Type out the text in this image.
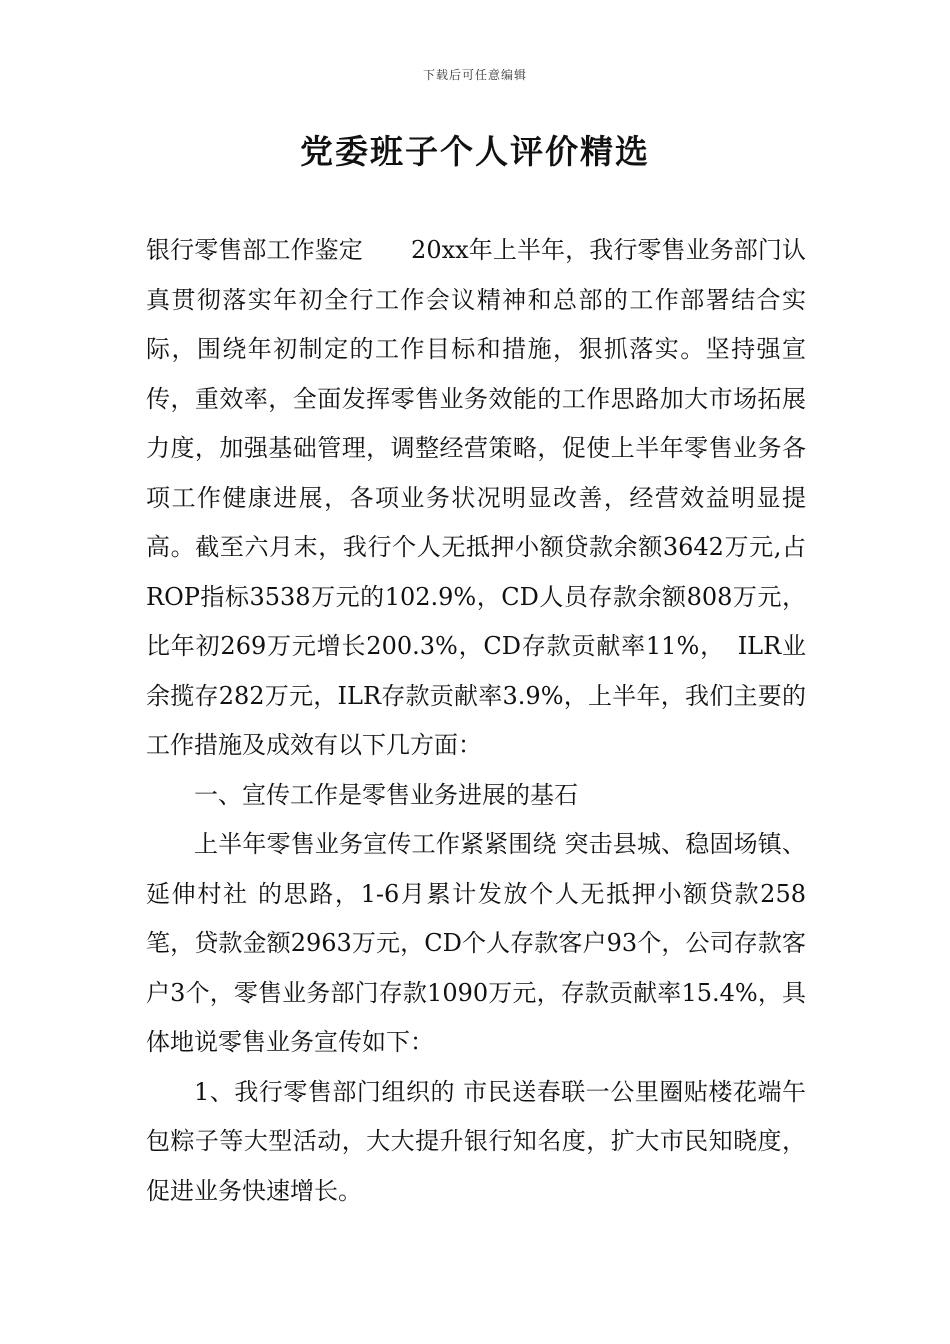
下载后可任意编辑
党委班子个人评价精选

银行零售部工作鉴定　　20xx年上半年，我行零售业务部门认真贯彻落实年初全行工作会议精神和总部的工作部署结合实际，围绕年初制定的工作目标和措施，狠抓落实。坚持强宣传，重效率，全面发挥零售业务效能的工作思路加大市场拓展力度，加强基础管理，调整经营策略，促使上半年零售业务各项工作健康进展，各项业务状况明显改善，经营效益明显提高。截至六月末，我行个人无抵押小额贷款余额3642万元,占ROP指标3538万元的102.9%，CD人员存款余额808万元，比年初269万元增长200.3%，CD存款贡献率11%，　ILR业余揽存282万元，ILR存款贡献率3.9%，上半年，我们主要的工作措施及成效有以下几方面：

一、宣传工作是零售业务进展的基石

上半年零售业务宣传工作紧紧围绕 突击县城、稳固场镇、延伸村社 的思路，1-6月累计发放个人无抵押小额贷款258笔，贷款金额2963万元，CD个人存款客户93个，公司存款客户3个，零售业务部门存款1090万元，存款贡献率15.4%，具体地说零售业务宣传如下：

1、我行零售部门组织的 市民送春联一公里圈贴楼花端午包粽子等大型活动，大大提升银行知名度，扩大市民知晓度，促进业务快速增长。
